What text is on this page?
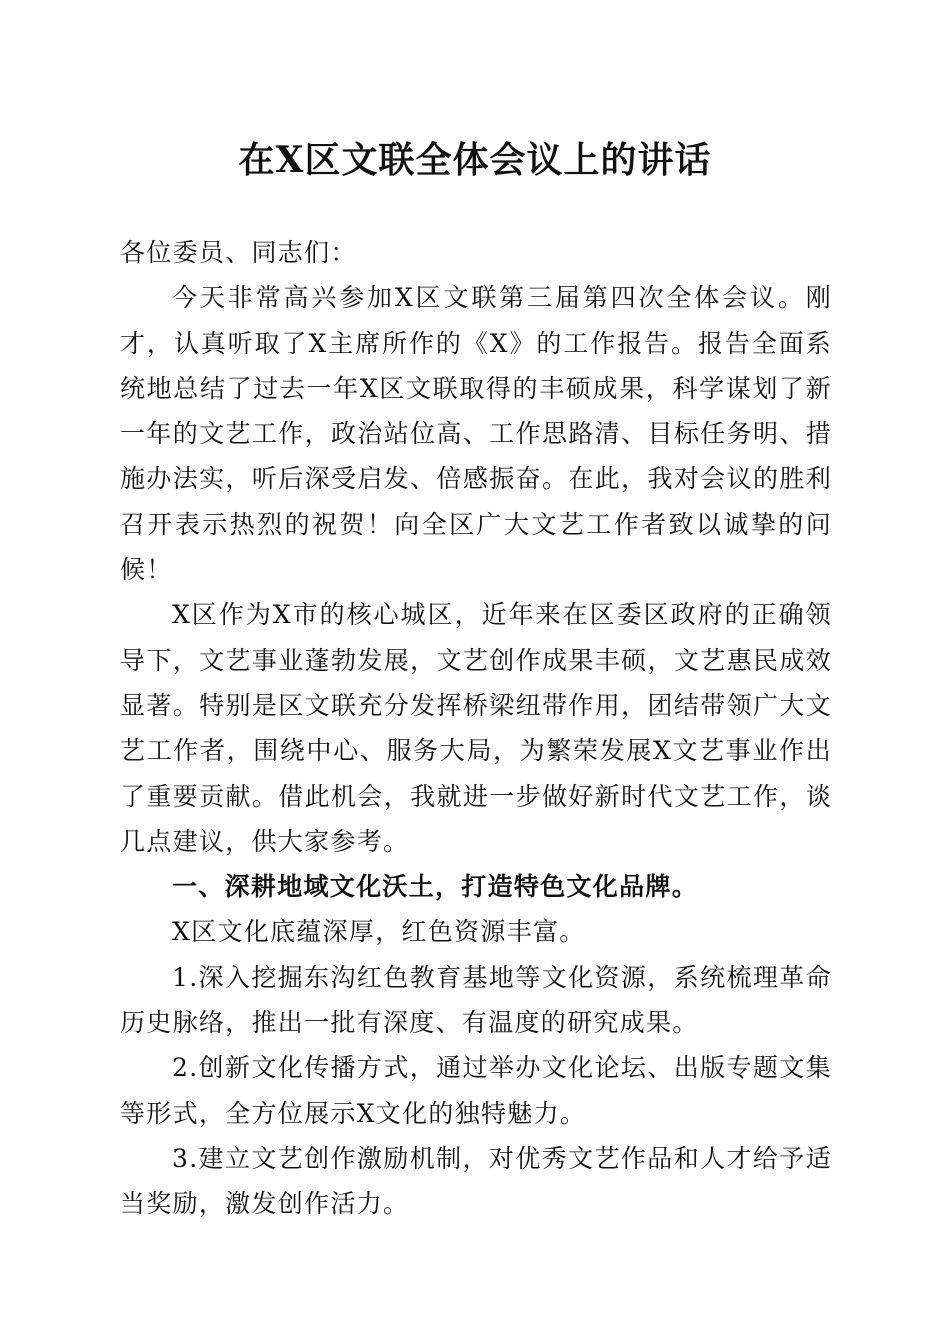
在X区文联全体会议上的讲话

各位委员、同志们：

今天非常高兴参加X区文联第三届第四次全体会议。刚才，认真听取了X主席所作的《X》的工作报告。报告全面系统地总结了过去一年X区文联取得的丰硕成果，科学谋划了新一年的文艺工作，政治站位高、工作思路清、目标任务明、措施办法实，听后深受启发、倍感振奋。在此，我对会议的胜利召开表示热烈的祝贺！向全区广大文艺工作者致以诚挚的问候！

X区作为X市的核心城区，近年来在区委区政府的正确领导下，文艺事业蓬勃发展，文艺创作成果丰硕，文艺惠民成效显著。特别是区文联充分发挥桥梁纽带作用，团结带领广大文艺工作者，围绕中心、服务大局，为繁荣发展X文艺事业作出了重要贡献。借此机会，我就进一步做好新时代文艺工作，谈几点建议，供大家参考。

一、深耕地域文化沃土，打造特色文化品牌。

X区文化底蕴深厚，红色资源丰富。

1.深入挖掘东沟红色教育基地等文化资源，系统梳理革命历史脉络，推出一批有深度、有温度的研究成果。

2.创新文化传播方式，通过举办文化论坛、出版专题文集等形式，全方位展示X文化的独特魅力。

3.建立文艺创作激励机制，对优秀文艺作品和人才给予适当奖励，激发创作活力。
